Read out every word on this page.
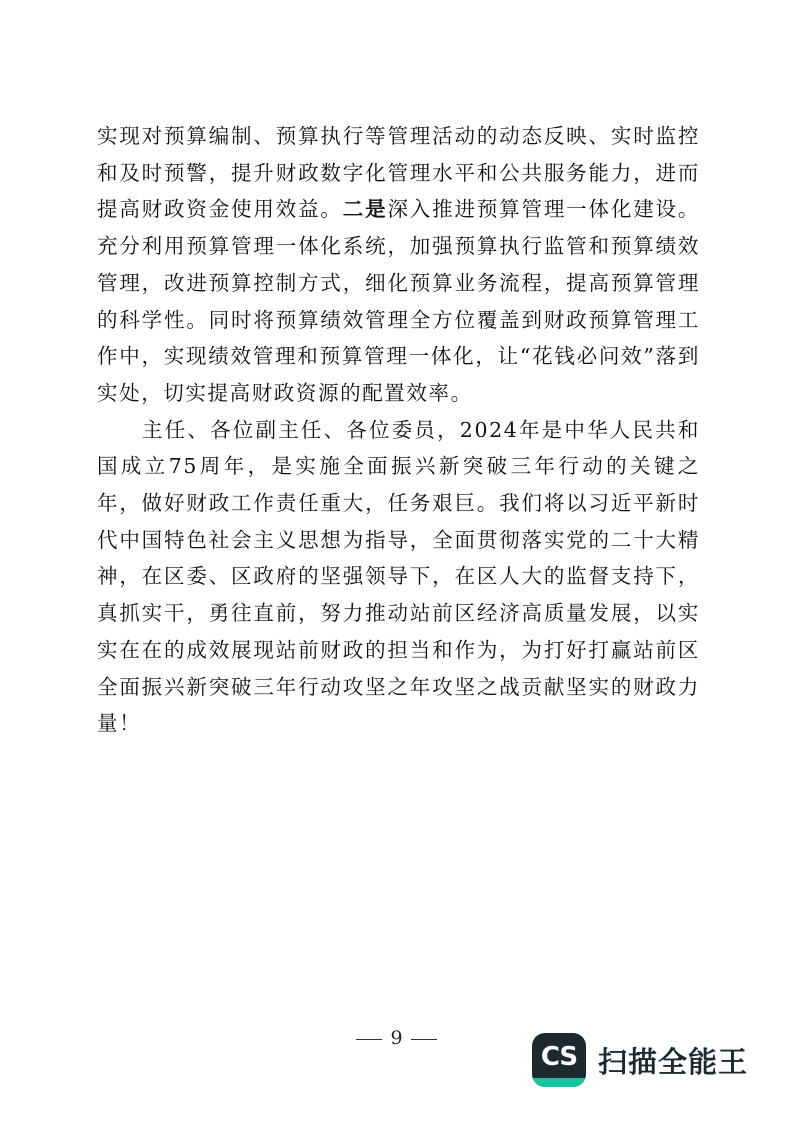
实现对预算编制、预算执行等管理活动的动态反映、实时监控和及时预警，提升财政数字化管理水平和公共服务能力，进而提高财政资金使用效益。二是深入推进预算管理一体化建设。充分利用预算管理一体化系统，加强预算执行监管和预算绩效管理，改进预算控制方式，细化预算业务流程，提高预算管理的科学性。同时将预算绩效管理全方位覆盖到财政预算管理工作中，实现绩效管理和预算管理一体化，让“花钱必问效”落到实处，切实提高财政资源的配置效率。

主任、各位副主任、各位委员，2024年是中华人民共和国成立75周年，是实施全面振兴新突破三年行动的关键之年，做好财政工作责任重大，任务艰巨。我们将以习近平新时代中国特色社会主义思想为指导，全面贯彻落实党的二十大精神，在区委、区政府的坚强领导下，在区人大的监督支持下，真抓实干，勇往直前，努力推动站前区经济高质量发展，以实实在在的成效展现站前财政的担当和作为，为打好打赢站前区全面振兴新突破三年行动攻坚之年攻坚之战贡献坚实的财政力量！

9
CS 扫描全能王
